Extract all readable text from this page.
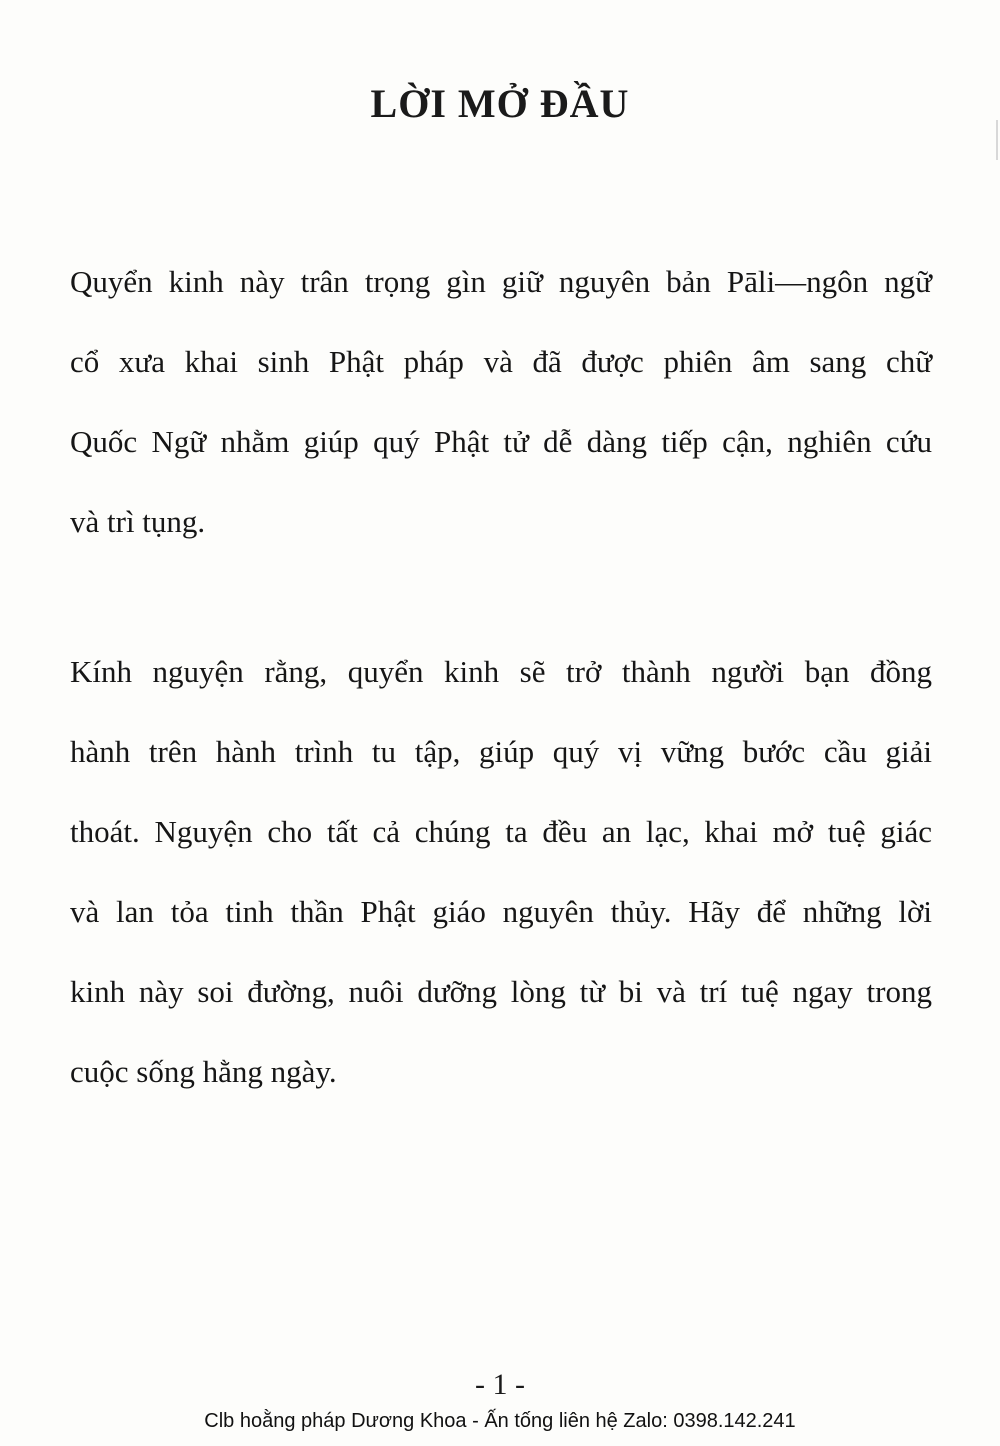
LỜI MỞ ĐẦU
Quyển kinh này trân trọng gìn giữ nguyên bản Pāli—ngôn ngữ
cổ xưa khai sinh Phật pháp và đã được phiên âm sang chữ
Quốc Ngữ nhằm giúp quý Phật tử dễ dàng tiếp cận, nghiên cứu
và trì tụng.
Kính nguyện rằng, quyển kinh sẽ trở thành người bạn đồng
hành trên hành trình tu tập, giúp quý vị vững bước cầu giải
thoát. Nguyện cho tất cả chúng ta đều an lạc, khai mở tuệ giác
và lan tỏa tinh thần Phật giáo nguyên thủy. Hãy để những lời
kinh này soi đường, nuôi dưỡng lòng từ bi và trí tuệ ngay trong
cuộc sống hằng ngày.
- 1 -
Clb hoằng pháp Dương Khoa - Ấn tống liên hệ Zalo: 0398.142.241
